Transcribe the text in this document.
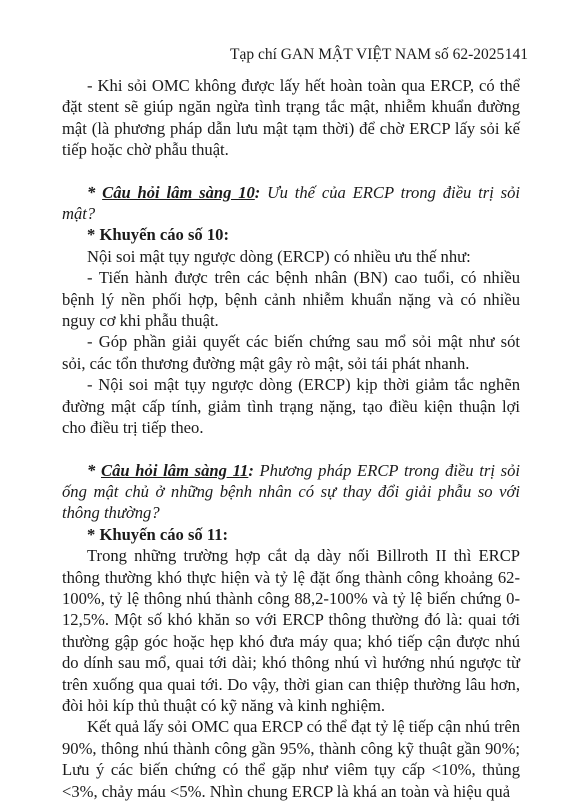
Tạp chí GAN MẬT VIỆT NAM số 62-2025 141

- Khi sỏi OMC không được lấy hết hoàn toàn qua ERCP, có thể đặt stent sẽ giúp ngăn ngừa tình trạng tắc mật, nhiễm khuẩn đường mật (là phương pháp dẫn lưu mật tạm thời) để chờ ERCP lấy sỏi kế tiếp hoặc chờ phẫu thuật.

* Câu hỏi lâm sàng 10: Ưu thế của ERCP trong điều trị sỏi mật?

* Khuyến cáo số 10:

Nội soi mật tụy ngược dòng (ERCP) có nhiều ưu thế như:

- Tiến hành được trên các bệnh nhân (BN) cao tuổi, có nhiều bệnh lý nền phối hợp, bệnh cảnh nhiễm khuẩn nặng và có nhiều nguy cơ khi phẫu thuật.

- Góp phần giải quyết các biến chứng sau mổ sỏi mật như sót sỏi, các tổn thương đường mật gây rò mật, sỏi tái phát nhanh.

- Nội soi mật tụy ngược dòng (ERCP) kịp thời giảm tắc nghẽn đường mật cấp tính, giảm tình trạng nặng, tạo điều kiện thuận lợi cho điều trị tiếp theo.

* Câu hỏi lâm sàng 11: Phương pháp ERCP trong điều trị sỏi ống mật chủ ở những bệnh nhân có sự thay đổi giải phẫu so với thông thường?

* Khuyến cáo số 11:

Trong những trường hợp cắt dạ dày nối Billroth II thì ERCP thông thường khó thực hiện và tỷ lệ đặt ống thành công khoảng 62-100%, tỷ lệ thông nhú thành công 88,2-100% và tỷ lệ biến chứng 0-12,5%. Một số khó khăn so với ERCP thông thường đó là: quai tới thường gập góc hoặc hẹp khó đưa máy qua; khó tiếp cận được nhú do dính sau mổ, quai tới dài; khó thông nhú vì hướng nhú ngược từ trên xuống qua quai tới. Do vậy, thời gian can thiệp thường lâu hơn, đòi hỏi kíp thủ thuật có kỹ năng và kinh nghiệm.

Kết quả lấy sỏi OMC qua ERCP có thể đạt tỷ lệ tiếp cận nhú trên 90%, thông nhú thành công gần 95%, thành công kỹ thuật gần 90%; Lưu ý các biến chứng có thể gặp như viêm tụy cấp <10%, thủng <3%, chảy máu <5%. Nhìn chung ERCP là khá an toàn và hiệu quả
